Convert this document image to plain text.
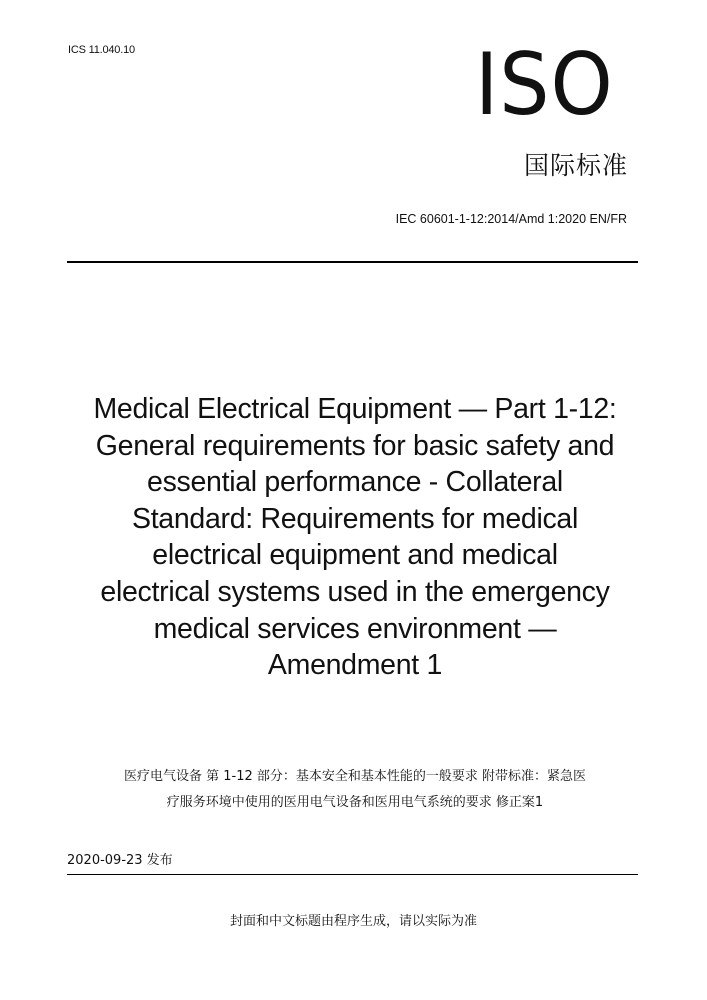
ICS 11.040.10	ISO
国际标准
IEC 60601-1-12:2014/Amd 1:2020 EN/FR
Medical Electrical Equipment — Part 1-12:
General requirements for basic safety and
essential performance - Collateral
Standard: Requirements for medical
electrical equipment and medical
electrical systems used in the emergency
medical services environment —
Amendment 1
医疗电气设备 第 1-12 部分：基本安全和基本性能的一般要求 附带标准：紧急医
疗服务环境中使用的医用电气设备和医用电气系统的要求 修正案1
2020-09-23 发布
封面和中文标题由程序生成，请以实际为准
